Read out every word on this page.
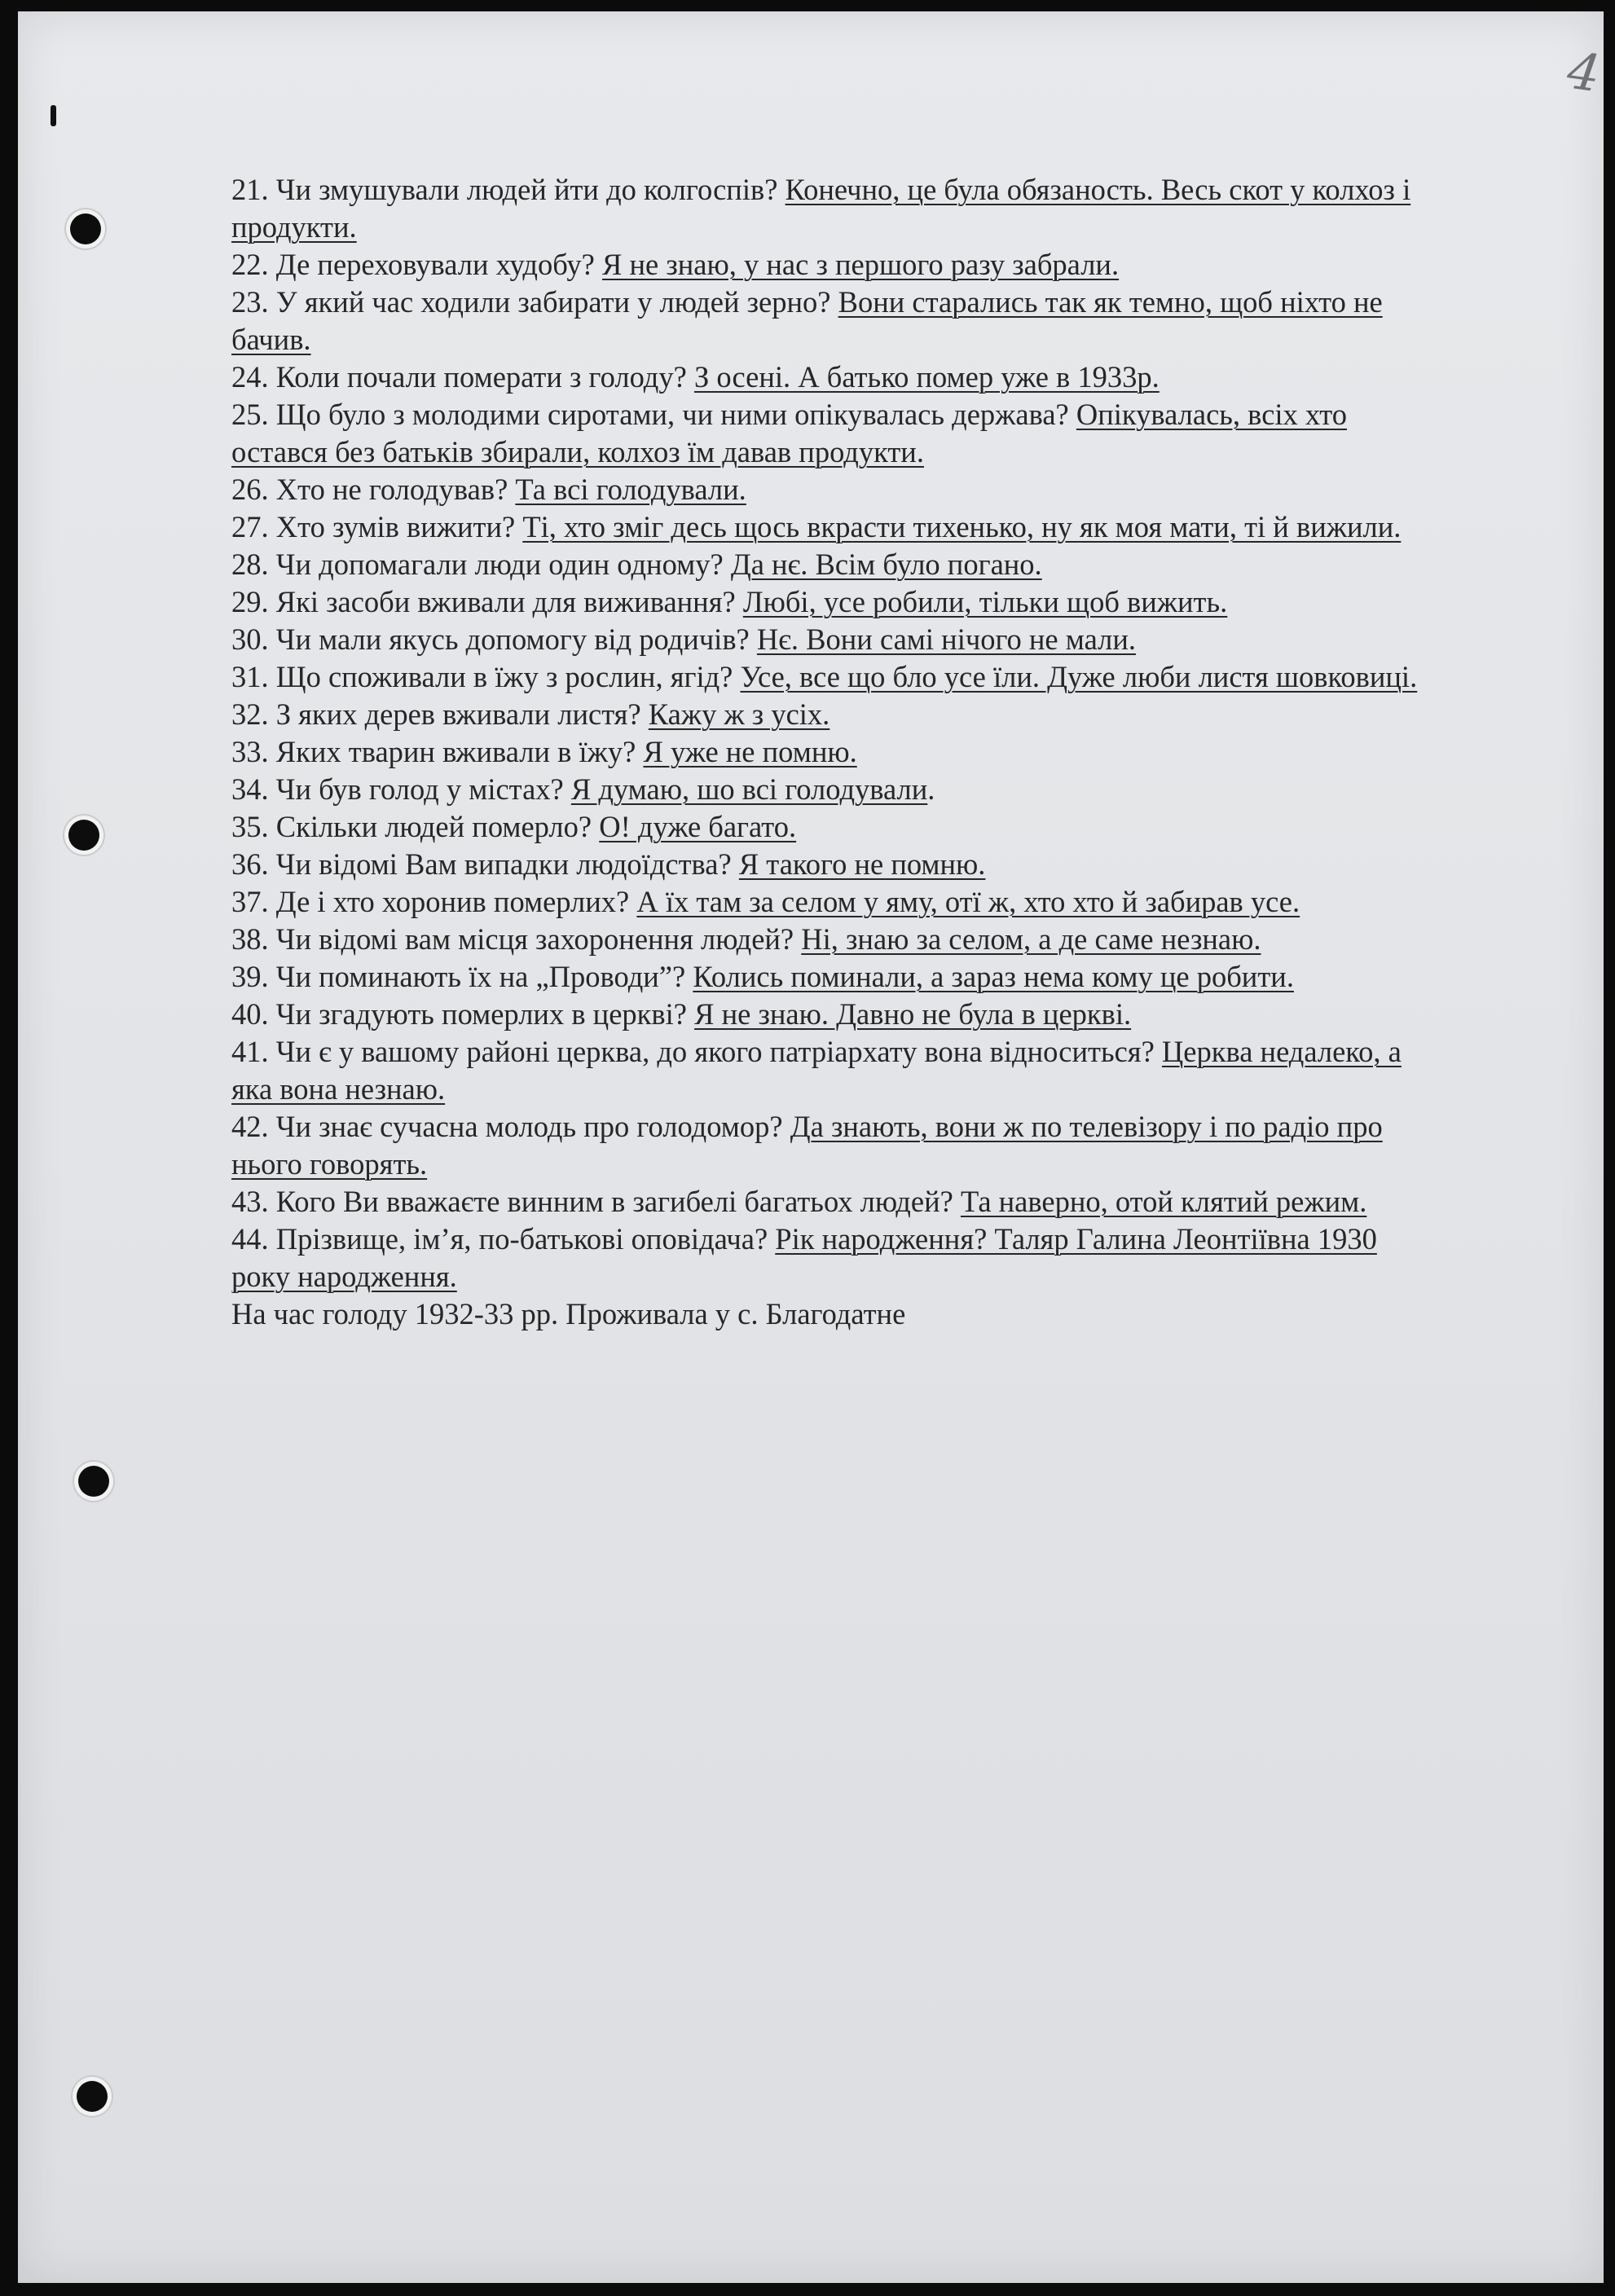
4

21. Чи змушували людей йти до колгоспів? Конечно, це була обязаность. Весь скот у колхоз і продукти.

22. Де переховували худобу? Я не знаю, у нас з першого разу забрали.

23. У який час ходили забирати у людей зерно? Вони старались так як темно, щоб ніхто не бачив.

24. Коли почали померати з голоду? З осені. А батько помер уже в 1933р.

25. Що було з молодими сиротами, чи ними опікувалась держава? Опікувалась, всіх хто остався без батьків збирали, колхоз їм давав продукти.

26. Хто не голодував? Та всі голодували.

27. Хто зумів вижити? Ті, хто зміг десь щось вкрасти тихенько, ну як моя мати, ті й вижили.

28. Чи допомагали люди один одному? Да нє. Всім було погано.

29. Які засоби вживали для виживання? Любі, усе робили, тільки щоб вижить.

30. Чи мали якусь допомогу від родичів? Нє. Вони самі нічого не мали.

31. Що споживали в їжу з рослин, ягід? Усе, все що бло усе їли. Дуже люби листя шовковиці.

32. З яких дерев вживали листя? Кажу ж з усіх.

33. Яких тварин вживали в їжу? Я уже не помню.

34. Чи був голод у містах? Я думаю, шо всі голодували.

35. Скільки людей померло? О! дуже багато.

36. Чи відомі Вам випадки людоїдства? Я такого не помню.

37. Де і хто хоронив померлих? А їх там за селом у яму, отї ж, хто хто й забирав усе.

38. Чи відомі вам місця захоронення людей? Ні, знаю за селом, а де саме незнаю.

39. Чи поминають їх на „Проводи”? Колись поминали, а зараз нема кому це робити.

40. Чи згадують померлих в церкві? Я не знаю. Давно не була в церкві.

41. Чи є у вашому районі церква, до якого патріархату вона відноситься? Церква недалеко, а яка вона незнаю.

42. Чи знає сучасна молодь про голодомор? Да знають, вони ж по телевізору і по радіо про нього говорять.

43. Кого Ви вважаєте винним в загибелі багатьох людей? Та наверно, отой клятий режим.

44. Прізвище, ім’я, по-батькові оповідача? Рік народження? Таляр Галина Леонтіївна 1930 року народження.

На час голоду 1932-33 рр. Проживала у с. Благодатне
